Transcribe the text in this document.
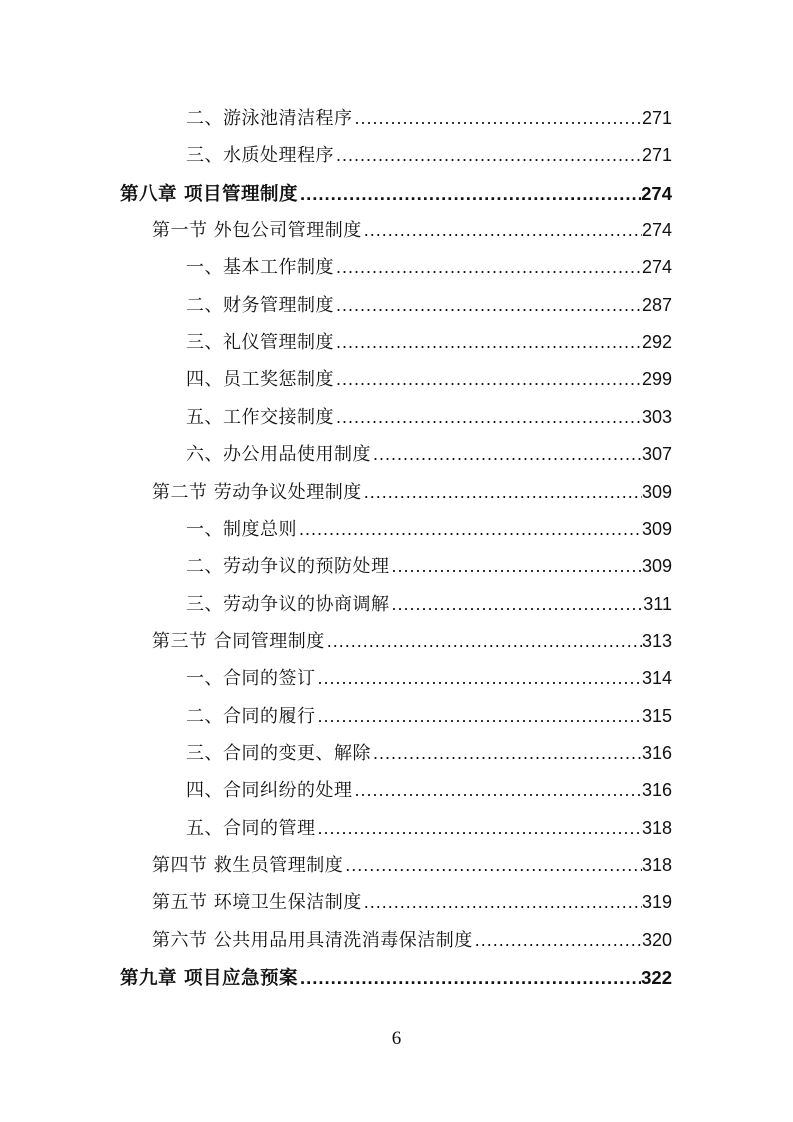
二、游泳池清洁程序 .....	271
三、水质处理程序 .....	271
第八章 项目管理制度 .....	274
第一节 外包公司管理制度 .....	274
一、基本工作制度 .....	274
二、财务管理制度 .....	287
三、礼仪管理制度 .....	292
四、员工奖惩制度 .....	299
五、工作交接制度 .....	303
六、办公用品使用制度 .....	307
第二节 劳动争议处理制度 .....	309
一、制度总则 .....	309
二、劳动争议的预防处理 .....	309
三、劳动争议的协商调解 .....	311
第三节 合同管理制度 .....	313
一、合同的签订 .....	314
二、合同的履行 .....	315
三、合同的变更、解除 .....	316
四、合同纠纷的处理 .....	316
五、合同的管理 .....	318
第四节 救生员管理制度 .....	318
第五节 环境卫生保洁制度 .....	319
第六节 公共用品用具清洗消毒保洁制度 .....	320
第九章 项目应急预案 .....	322
6
